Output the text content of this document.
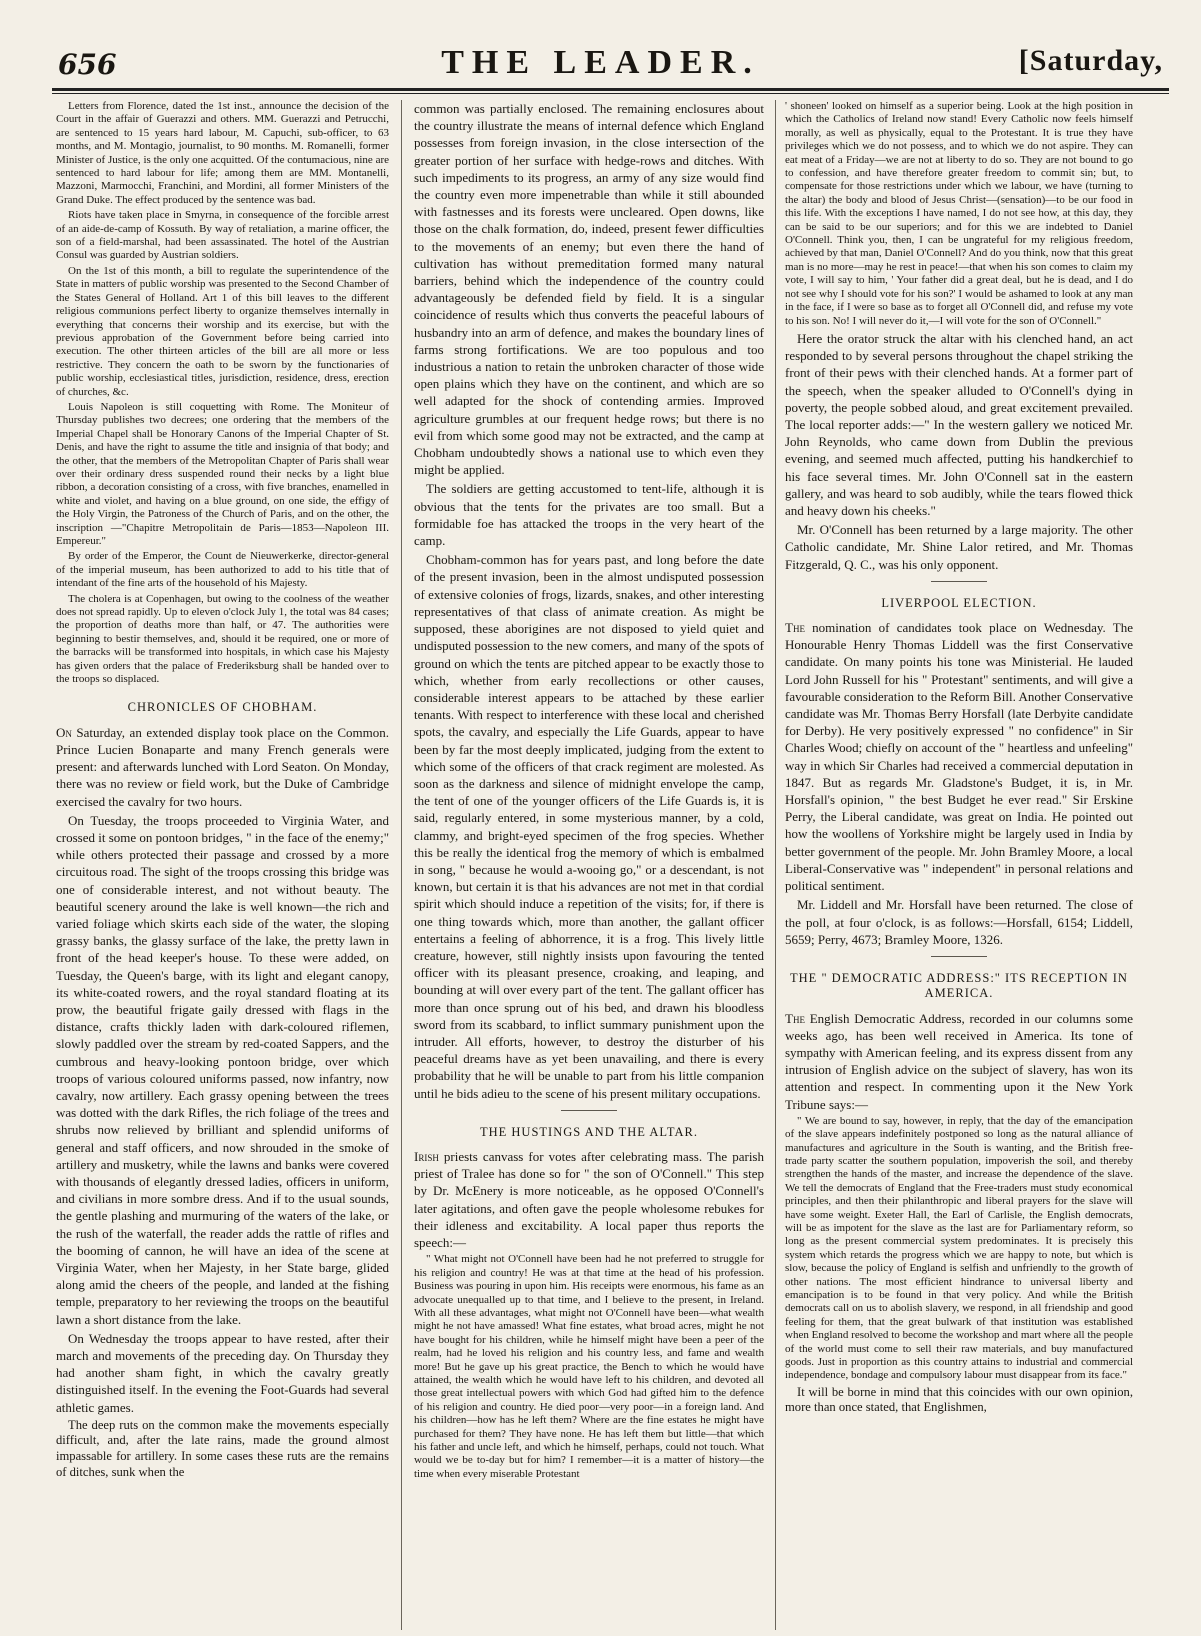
656	THE LEADER.	[Saturday,

Letters from Florence, dated the 1st inst., announce the decision of the Court in the affair of Guerazzi and others. MM. Guerazzi and Petrucchi, are sentenced to 15 years hard labour, M. Capuchi, sub-officer, to 63 months, and M. Montagio, journalist, to 90 months. M. Romanelli, former Minister of Justice, is the only one acquitted. Of the contumacious, nine are sentenced to hard labour for life; among them are MM. Montanelli, Mazzoni, Marmocchi, Franchini, and Mordini, all former Ministers of the Grand Duke. The effect produced by the sentence was bad.

Riots have taken place in Smyrna, in consequence of the forcible arrest of an aide-de-camp of Kossuth. By way of retaliation, a marine officer, the son of a field-marshal, had been assassinated. The hotel of the Austrian Consul was guarded by Austrian soldiers.

On the 1st of this month, a bill to regulate the superintendence of the State in matters of public worship was presented to the Second Chamber of the States General of Holland. Art 1 of this bill leaves to the different religious communions perfect liberty to organize themselves internally in everything that concerns their worship and its exercise, but with the previous approbation of the Government before being carried into execution. The other thirteen articles of the bill are all more or less restrictive. They concern the oath to be sworn by the functionaries of public worship, ecclesiastical titles, jurisdiction, residence, dress, erection of churches, &c.

Louis Napoleon is still coquetting with Rome. The Moniteur of Thursday publishes two decrees; one ordering that the members of the Imperial Chapel shall be Honorary Canons of the Imperial Chapter of St. Denis, and have the right to assume the title and insignia of that body; and the other, that the members of the Metropolitan Chapter of Paris shall wear over their ordinary dress suspended round their necks by a light blue ribbon, a decoration consisting of a cross, with five branches, enamelled in white and violet, and having on a blue ground, on one side, the effigy of the Holy Virgin, the Patroness of the Church of Paris, and on the other, the inscription —"Chapitre Metropolitain de Paris—1853—Napoleon III. Empereur."

By order of the Emperor, the Count de Nieuwerkerke, director-general of the imperial museum, has been authorized to add to his title that of intendant of the fine arts of the household of his Majesty.

The cholera is at Copenhagen, but owing to the coolness of the weather does not spread rapidly. Up to eleven o'clock July 1, the total was 84 cases; the proportion of deaths more than half, or 47. The authorities were beginning to bestir themselves, and, should it be required, one or more of the barracks will be transformed into hospitals, in which case his Majesty has given orders that the palace of Frederiksburg shall be handed over to the troops so displaced.

CHRONICLES OF CHOBHAM.

On Saturday, an extended display took place on the Common. Prince Lucien Bonaparte and many French generals were present: and afterwards lunched with Lord Seaton. On Monday, there was no review or field work, but the Duke of Cambridge exercised the cavalry for two hours.

On Tuesday, the troops proceeded to Virginia Water, and crossed it some on pontoon bridges, " in the face of the enemy;" while others protected their passage and crossed by a more circuitous road. The sight of the troops crossing this bridge was one of considerable interest, and not without beauty. The beautiful scenery around the lake is well known—the rich and varied foliage which skirts each side of the water, the sloping grassy banks, the glassy surface of the lake, the pretty lawn in front of the head keeper's house. To these were added, on Tuesday, the Queen's barge, with its light and elegant canopy, its white-coated rowers, and the royal standard floating at its prow, the beautiful frigate gaily dressed with flags in the distance, crafts thickly laden with dark-coloured riflemen, slowly paddled over the stream by red-coated Sappers, and the cumbrous and heavy-looking pontoon bridge, over which troops of various coloured uniforms passed, now infantry, now cavalry, now artillery. Each grassy opening between the trees was dotted with the dark Rifles, the rich foliage of the trees and shrubs now relieved by brilliant and splendid uniforms of general and staff officers, and now shrouded in the smoke of artillery and musketry, while the lawns and banks were covered with thousands of elegantly dressed ladies, officers in uniform, and civilians in more sombre dress. And if to the usual sounds, the gentle plashing and murmuring of the waters of the lake, or the rush of the waterfall, the reader adds the rattle of rifles and the booming of cannon, he will have an idea of the scene at Virginia Water, when her Majesty, in her State barge, glided along amid the cheers of the people, and landed at the fishing temple, preparatory to her reviewing the troops on the beautiful lawn a short distance from the lake.

On Wednesday the troops appear to have rested, after their march and movements of the preceding day. On Thursday they had another sham fight, in which the cavalry greatly distinguished itself. In the evening the Foot-Guards had several athletic games.

The deep ruts on the common make the movements especially difficult, and, after the late rains, made the ground almost impassable for artillery. In some cases these ruts are the remains of ditches, sunk when the

common was partially enclosed. The remaining enclosures about the country illustrate the means of internal defence which England possesses from foreign invasion, in the close intersection of the greater portion of her surface with hedge-rows and ditches. With such impediments to its progress, an army of any size would find the country even more impenetrable than while it still abounded with fastnesses and its forests were uncleared. Open downs, like those on the chalk formation, do, indeed, present fewer difficulties to the movements of an enemy; but even there the hand of cultivation has without premeditation formed many natural barriers, behind which the independence of the country could advantageously be defended field by field. It is a singular coincidence of results which thus converts the peaceful labours of husbandry into an arm of defence, and makes the boundary lines of farms strong fortifications. We are too populous and too industrious a nation to retain the unbroken character of those wide open plains which they have on the continent, and which are so well adapted for the shock of contending armies. Improved agriculture grumbles at our frequent hedge rows; but there is no evil from which some good may not be extracted, and the camp at Chobham undoubtedly shows a national use to which even they might be applied.

The soldiers are getting accustomed to tent-life, although it is obvious that the tents for the privates are too small. But a formidable foe has attacked the troops in the very heart of the camp.

Chobham-common has for years past, and long before the date of the present invasion, been in the almost undisputed possession of extensive colonies of frogs, lizards, snakes, and other interesting representatives of that class of animate creation. As might be supposed, these aborigines are not disposed to yield quiet and undisputed possession to the new comers, and many of the spots of ground on which the tents are pitched appear to be exactly those to which, whether from early recollections or other causes, considerable interest appears to be attached by these earlier tenants. With respect to interference with these local and cherished spots, the cavalry, and especially the Life Guards, appear to have been by far the most deeply implicated, judging from the extent to which some of the officers of that crack regiment are molested. As soon as the darkness and silence of midnight envelope the camp, the tent of one of the younger officers of the Life Guards is, it is said, regularly entered, in some mysterious manner, by a cold, clammy, and bright-eyed specimen of the frog species. Whether this be really the identical frog the memory of which is embalmed in song, " because he would a-wooing go," or a descendant, is not known, but certain it is that his advances are not met in that cordial spirit which should induce a repetition of the visits; for, if there is one thing towards which, more than another, the gallant officer entertains a feeling of abhorrence, it is a frog. This lively little creature, however, still nightly insists upon favouring the tented officer with its pleasant presence, croaking, and leaping, and bounding at will over every part of the tent. The gallant officer has more than once sprung out of his bed, and drawn his bloodless sword from its scabbard, to inflict summary punishment upon the intruder. All efforts, however, to destroy the disturber of his peaceful dreams have as yet been unavailing, and there is every probability that he will be unable to part from his little companion until he bids adieu to the scene of his present military occupations.

THE HUSTINGS AND THE ALTAR.

Irish priests canvass for votes after celebrating mass. The parish priest of Tralee has done so for " the son of O'Connell." This step by Dr. McEnery is more noticeable, as he opposed O'Connell's later agitations, and often gave the people wholesome rebukes for their idleness and excitability. A local paper thus reports the speech:—

" What might not O'Connell have been had he not preferred to struggle for his religion and country! He was at that time at the head of his profession. Business was pouring in upon him. His receipts were enormous, his fame as an advocate unequalled up to that time, and I believe to the present, in Ireland. With all these advantages, what might not O'Connell have been—what wealth might he not have amassed! What fine estates, what broad acres, might he not have bought for his children, while he himself might have been a peer of the realm, had he loved his religion and his country less, and fame and wealth more! But he gave up his great practice, the Bench to which he would have attained, the wealth which he would have left to his children, and devoted all those great intellectual powers with which God had gifted him to the defence of his religion and country. He died poor—very poor—in a foreign land. And his children—how has he left them? Where are the fine estates he might have purchased for them? They have none. He has left them but little—that which his father and uncle left, and which he himself, perhaps, could not touch. What would we be to-day but for him? I remember—it is a matter of history—the time when every miserable Protestant

' shoneen' looked on himself as a superior being. Look at the high position in which the Catholics of Ireland now stand! Every Catholic now feels himself morally, as well as physically, equal to the Protestant. It is true they have privileges which we do not possess, and to which we do not aspire. They can eat meat of a Friday—we are not at liberty to do so. They are not bound to go to confession, and have therefore greater freedom to commit sin; but, to compensate for those restrictions under which we labour, we have (turning to the altar) the body and blood of Jesus Christ—(sensation)—to be our food in this life. With the exceptions I have named, I do not see how, at this day, they can be said to be our superiors; and for this we are indebted to Daniel O'Connell. Think you, then, I can be ungrateful for my religious freedom, achieved by that man, Daniel O'Connell? And do you think, now that this great man is no more—may he rest in peace!—that when his son comes to claim my vote, I will say to him, ' Your father did a great deal, but he is dead, and I do not see why I should vote for his son?' I would be ashamed to look at any man in the face, if I were so base as to forget all O'Connell did, and refuse my vote to his son. No! I will never do it,—I will vote for the son of O'Connell."

Here the orator struck the altar with his clenched hand, an act responded to by several persons throughout the chapel striking the front of their pews with their clenched hands. At a former part of the speech, when the speaker alluded to O'Connell's dying in poverty, the people sobbed aloud, and great excitement prevailed. The local reporter adds:—" In the western gallery we noticed Mr. John Reynolds, who came down from Dublin the previous evening, and seemed much affected, putting his handkerchief to his face several times. Mr. John O'Connell sat in the eastern gallery, and was heard to sob audibly, while the tears flowed thick and heavy down his cheeks."

Mr. O'Connell has been returned by a large majority. The other Catholic candidate, Mr. Shine Lalor retired, and Mr. Thomas Fitzgerald, Q. C., was his only opponent.

LIVERPOOL ELECTION.

The nomination of candidates took place on Wednesday. The Honourable Henry Thomas Liddell was the first Conservative candidate. On many points his tone was Ministerial. He lauded Lord John Russell for his " Protestant" sentiments, and will give a favourable consideration to the Reform Bill. Another Conservative candidate was Mr. Thomas Berry Horsfall (late Derbyite candidate for Derby). He very positively expressed " no confidence" in Sir Charles Wood; chiefly on account of the " heartless and unfeeling" way in which Sir Charles had received a commercial deputation in 1847. But as regards Mr. Gladstone's Budget, it is, in Mr. Horsfall's opinion, " the best Budget he ever read." Sir Erskine Perry, the Liberal candidate, was great on India. He pointed out how the woollens of Yorkshire might be largely used in India by better government of the people. Mr. John Bramley Moore, a local Liberal-Conservative was " independent" in personal relations and political sentiment.

Mr. Liddell and Mr. Horsfall have been returned. The close of the poll, at four o'clock, is as follows:—Horsfall, 6154; Liddell, 5659; Perry, 4673; Bramley Moore, 1326.

THE " DEMOCRATIC ADDRESS:" ITS RECEPTION IN AMERICA.

The English Democratic Address, recorded in our columns some weeks ago, has been well received in America. Its tone of sympathy with American feeling, and its express dissent from any intrusion of English advice on the subject of slavery, has won its attention and respect. In commenting upon it the New York Tribune says:—

" We are bound to say, however, in reply, that the day of the emancipation of the slave appears indefinitely postponed so long as the natural alliance of manufactures and agriculture in the South is wanting, and the British free-trade party scatter the southern population, impoverish the soil, and thereby strengthen the hands of the master, and increase the dependence of the slave. We tell the democrats of England that the Free-traders must study economical principles, and then their philanthropic and liberal prayers for the slave will have some weight. Exeter Hall, the Earl of Carlisle, the English democrats, will be as impotent for the slave as the last are for Parliamentary reform, so long as the present commercial system predominates. It is precisely this system which retards the progress which we are happy to note, but which is slow, because the policy of England is selfish and unfriendly to the growth of other nations. The most efficient hindrance to universal liberty and emancipation is to be found in that very policy. And while the British democrats call on us to abolish slavery, we respond, in all friendship and good feeling for them, that the great bulwark of that institution was established when England resolved to become the workshop and mart where all the people of the world must come to sell their raw materials, and buy manufactured goods. Just in proportion as this country attains to industrial and commercial independence, bondage and compulsory labour must disappear from its face."

It will be borne in mind that this coincides with our own opinion, more than once stated, that Englishmen,
